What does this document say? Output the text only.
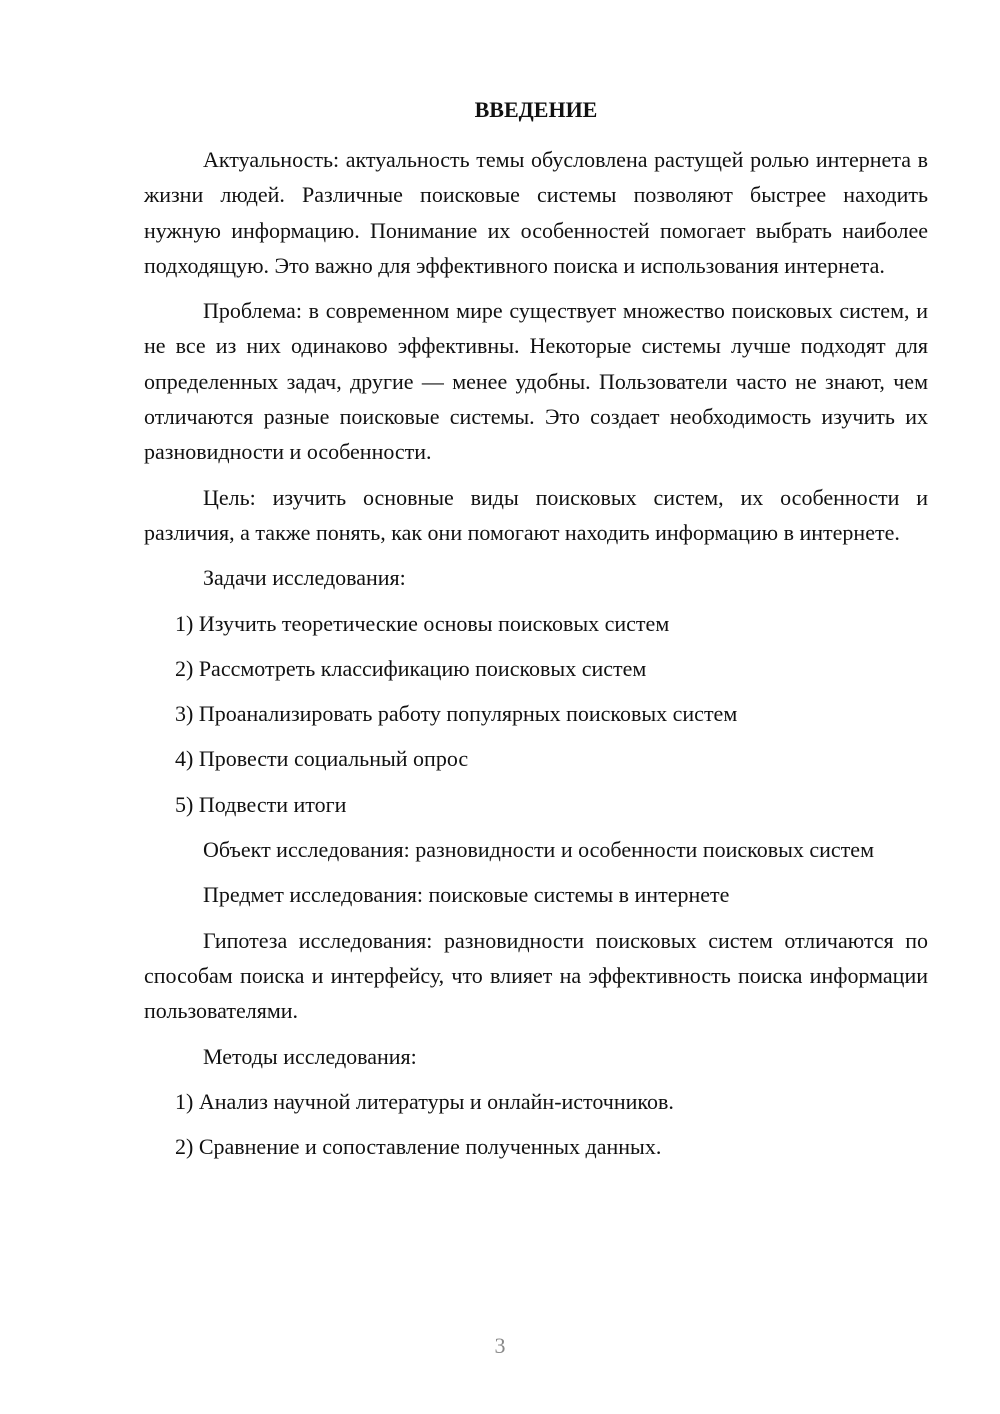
ВВЕДЕНИЕ

Актуальность: актуальность темы обусловлена растущей ролью интернета в жизни людей. Различные поисковые системы позволяют быстрее находить нужную информацию. Понимание их особенностей помогает выбрать наиболее подходящую. Это важно для эффективного поиска и использования интернета.

Проблема: в современном мире существует множество поисковых систем, и не все из них одинаково эффективны. Некоторые системы лучше подходят для определенных задач, другие — менее удобны. Пользователи часто не знают, чем отличаются разные поисковые системы. Это создает необходимость изучить их разновидности и особенности.

Цель: изучить основные виды поисковых систем, их особенности и различия, а также понять, как они помогают находить информацию в интернете.

Задачи исследования:

1) Изучить теоретические основы поисковых систем

2) Рассмотреть классификацию поисковых систем

3) Проанализировать работу популярных поисковых систем

4) Провести социальный опрос

5) Подвести итоги

Объект исследования: разновидности и особенности поисковых систем

Предмет исследования: поисковые системы в интернете

Гипотеза исследования: разновидности поисковых систем отличаются по способам поиска и интерфейсу, что влияет на эффективность поиска информации пользователями.

Методы исследования:

1) Анализ научной литературы и онлайн-источников.

2) Сравнение и сопоставление полученных данных.

3
